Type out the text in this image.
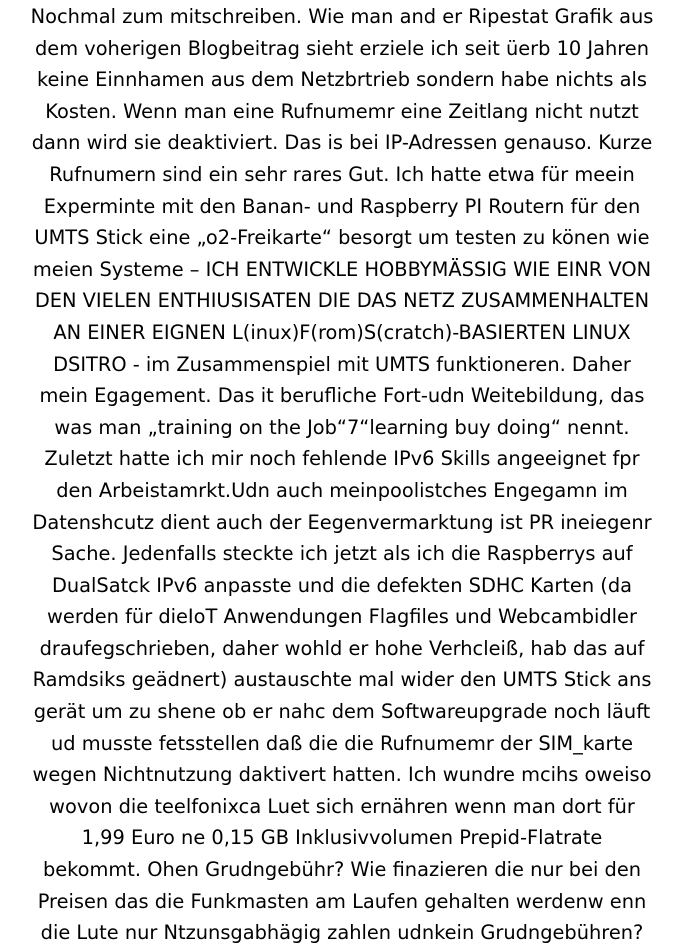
Nochmal zum mitschreiben. Wie man and er Ripestat Grafik aus
dem voherigen Blogbeitrag sieht erziele ich seit üerb 10 Jahren
keine Einnhamen aus dem Netzbrtrieb sondern habe nichts als
Kosten. Wenn man eine Rufnumemr eine Zeitlang nicht nutzt
dann wird sie deaktiviert. Das is bei IP-Adressen genauso. Kurze
Rufnumern sind ein sehr rares Gut. Ich hatte etwa für meein
Experminte mit den Banan- und Raspberry PI Routern für den
UMTS Stick eine „o2-Freikarte“ besorgt um testen zu könen wie
meien Systeme – ICH ENTWICKLE HOBBYMÄSSIG WIE EINR VON
DEN VIELEN ENTHIUSISATEN DIE DAS NETZ ZUSAMMENHALTEN
AN EINER EIGNEN L(inux)F(rom)S(cratch)-BASIERTEN LINUX
DSITRO - im Zusammenspiel mit UMTS funktioneren. Daher
mein Egagement. Das it berufliche Fort-udn Weitebildung, das
was man „training on the Job“7“learning buy doing“ nennt.
Zuletzt hatte ich mir noch fehlende IPv6 Skills angeeignet fpr
den Arbeistamrkt.Udn auch meinpoolistches Engegamn im
Datenshcutz dient auch der Eegenvermarktung ist PR ineiegenr
Sache. Jedenfalls steckte ich jetzt als ich die Raspberrys auf
DualSatck IPv6 anpasste und die defekten SDHC Karten (da
werden für dieIoT Anwendungen Flagfiles und Webcambidler
draufegschrieben, daher wohld er hohe Verhcleiß, hab das auf
Ramdsiks geädnert) austauschte mal wider den UMTS Stick ans
gerät um zu shene ob er nahc dem Softwareupgrade noch läuft
ud musste fetsstellen daß die die Rufnumemr der SIM_karte
wegen Nichtnutzung daktivert hatten. Ich wundre mcihs oweiso
wovon die teelfonixca Luet sich ernähren wenn man dort für
1,99 Euro ne 0,15 GB Inklusivvolumen Prepid-Flatrate
bekommt. Ohen Grudngebühr? Wie finazieren die nur bei den
Preisen das die Funkmasten am Laufen gehalten werdenw enn
die Lute nur Ntzunsgabhägig zahlen udnkein Grudngebühren?
